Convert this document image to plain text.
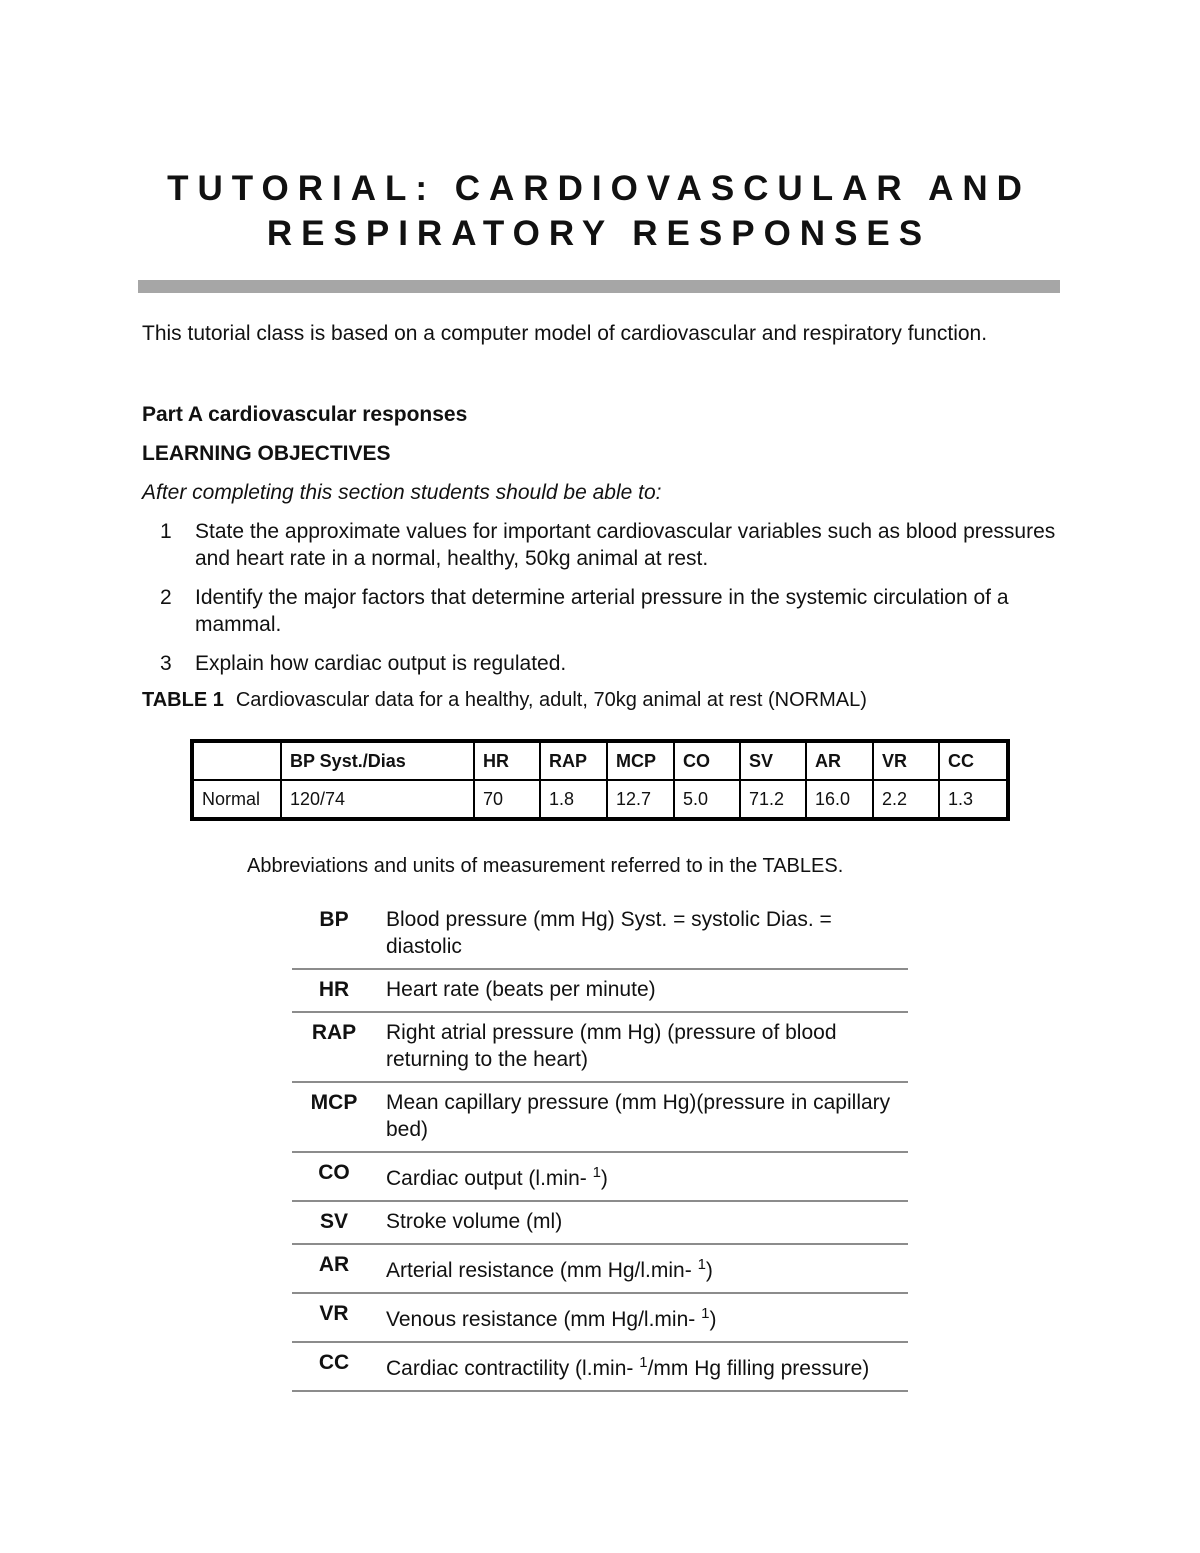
TUTORIAL: CARDIOVASCULAR AND
RESPIRATORY RESPONSES

This tutorial class is based on a computer model of cardiovascular and respiratory function.

Part A cardiovascular responses

LEARNING OBJECTIVES

After completing this section students should be able to:

1	State the approximate values for important cardiovascular variables such as blood pressures and heart rate in a normal, healthy, 50kg animal at rest.
2	Identify the major factors that determine arterial pressure in the systemic circulation of a mammal.
3	Explain how cardiac output is regulated.

TABLE 1 Cardiovascular data for a healthy, adult, 70kg animal at rest (NORMAL)

	BP Syst./Dias	HR	RAP	MCP	CO	SV	AR	VR	CC
Normal	120/74	70	1.8	12.7	5.0	71.2	16.0	2.2	1.3

Abbreviations and units of measurement referred to in the TABLES.

BP	Blood pressure (mm Hg) Syst. = systolic Dias. = diastolic
HR	Heart rate (beats per minute)
RAP	Right atrial pressure (mm Hg) (pressure of blood returning to the heart)
MCP	Mean capillary pressure (mm Hg)(pressure in capillary bed)
CO	Cardiac output (l.min- $^1$)
SV	Stroke volume (ml)
AR	Arterial resistance (mm Hg/l.min- $^1$)
VR	Venous resistance (mm Hg/l.min- $^1$)
CC	Cardiac contractility (l.min- $^1$/mm Hg filling pressure)
